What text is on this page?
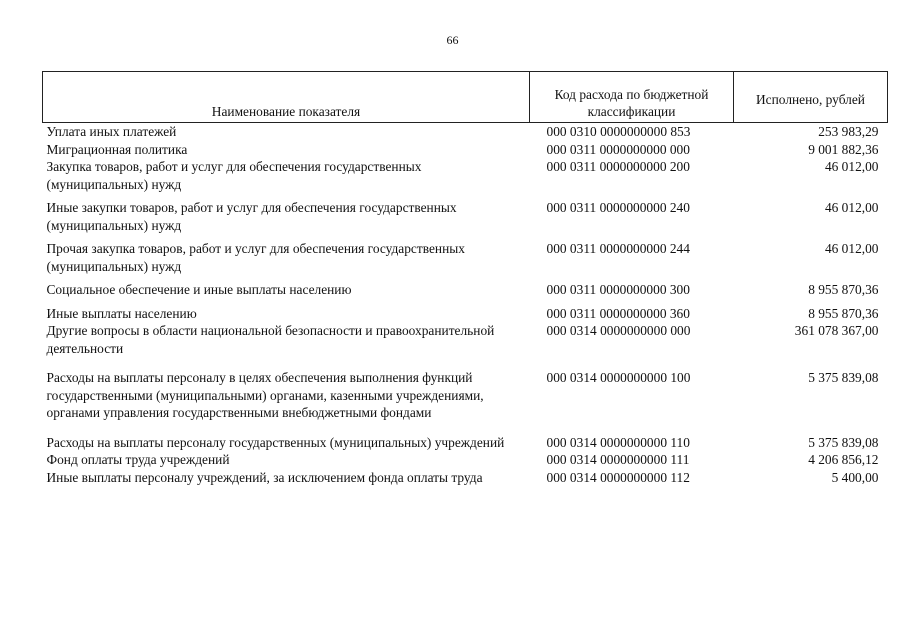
66
Наименование показателя	Код расхода по бюджетной классификации	Исполнено, рублей
Уплата иных платежей	000 0310 0000000000 853	253 983,29
Миграционная политика	000 0311 0000000000 000	9 001 882,36
Закупка товаров, работ и услуг для обеспечения государственных (муниципальных) нужд	000 0311 0000000000 200	46 012,00
Иные закупки товаров, работ и услуг для обеспечения государственных (муниципальных) нужд	000 0311 0000000000 240	46 012,00
Прочая закупка товаров, работ и услуг для обеспечения государственных (муниципальных) нужд	000 0311 0000000000 244	46 012,00
Социальное обеспечение и иные выплаты населению	000 0311 0000000000 300	8 955 870,36
Иные выплаты населению	000 0311 0000000000 360	8 955 870,36
Другие вопросы в области национальной безопасности и правоохранительной деятельности	000 0314 0000000000 000	361 078 367,00
Расходы на выплаты персоналу в целях обеспечения выполнения функций государственными (муниципальными) органами, казенными учреждениями, органами управления государственными внебюджетными фондами	000 0314 0000000000 100	5 375 839,08
Расходы на выплаты персоналу государственных (муниципальных) учреждений	000 0314 0000000000 110	5 375 839,08
Фонд оплаты труда учреждений	000 0314 0000000000 111	4 206 856,12
Иные выплаты персоналу учреждений, за исключением фонда оплаты труда	000 0314 0000000000 112	5 400,00
